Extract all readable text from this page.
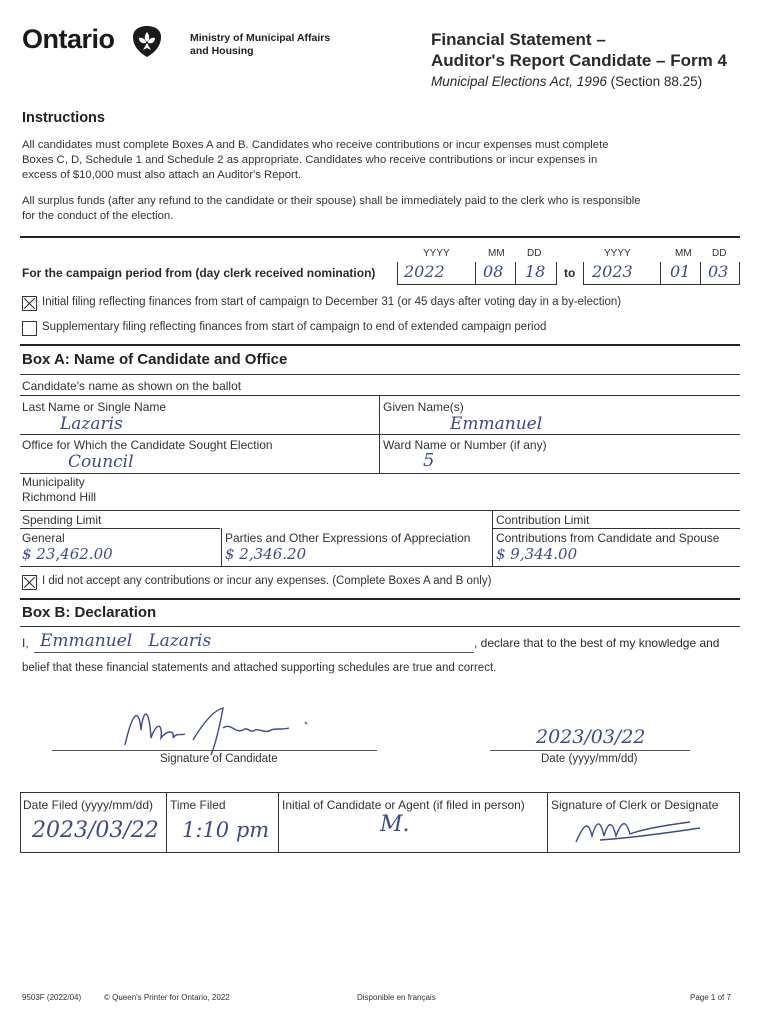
Ontario	Ministry of Municipal Affairs
and Housing
Financial Statement –
Auditor's Report Candidate – Form 4
Municipal Elections Act, 1996 (Section 88.25)
Instructions
All candidates must complete Boxes A and B. Candidates who receive contributions or incur expenses must complete
Boxes C, D, Schedule 1 and Schedule 2 as appropriate. Candidates who receive contributions or incur expenses in
excess of $10,000 must also attach an Auditor's Report.
All surplus funds (after any refund to the candidate or their spouse) shall be immediately paid to the clerk who is responsible
for the conduct of the election.
YYYY	MM DD	YYYY	MM DD
For the campaign period from (day clerk received nomination) 2022 08 18 to 2023 01 03
Initial filing reflecting finances from start of campaign to December 31 (or 45 days after voting day in a by-election)
Supplementary filing reflecting finances from start of campaign to end of extended campaign period
Box A: Name of Candidate and Office
Candidate's name as shown on the ballot
Last Name or Single Name
Lazaris
Given Name(s)
Emmanuel
Office for Which the Candidate Sought Election
Council
Ward Name or Number (if any)
5
Municipality
Richmond Hill
Spending Limit	Contribution Limit
General
$ 23,462.00
Parties and Other Expressions of Appreciation
$ 2,346.20
Contributions from Candidate and Spouse
$ 9,344.00
I did not accept any contributions or incur any expenses. (Complete Boxes A and B only)
Box B: Declaration
I, Emmanuel   Lazaris	, declare that to the best of my knowledge and
belief that these financial statements and attached supporting schedules are true and correct.
Signature of Candidate
2023/03/22
Date (yyyy/mm/dd)
Date Filed (yyyy/mm/dd)
2023/03/22
Time Filed
1:10 pm
Initial of Candidate or Agent (if filed in person)
M.
Signature of Clerk or Designate
9503F (2022/04)	© Queen's Printer for Ontario, 2022	Disponible en français	Page 1 of 7
